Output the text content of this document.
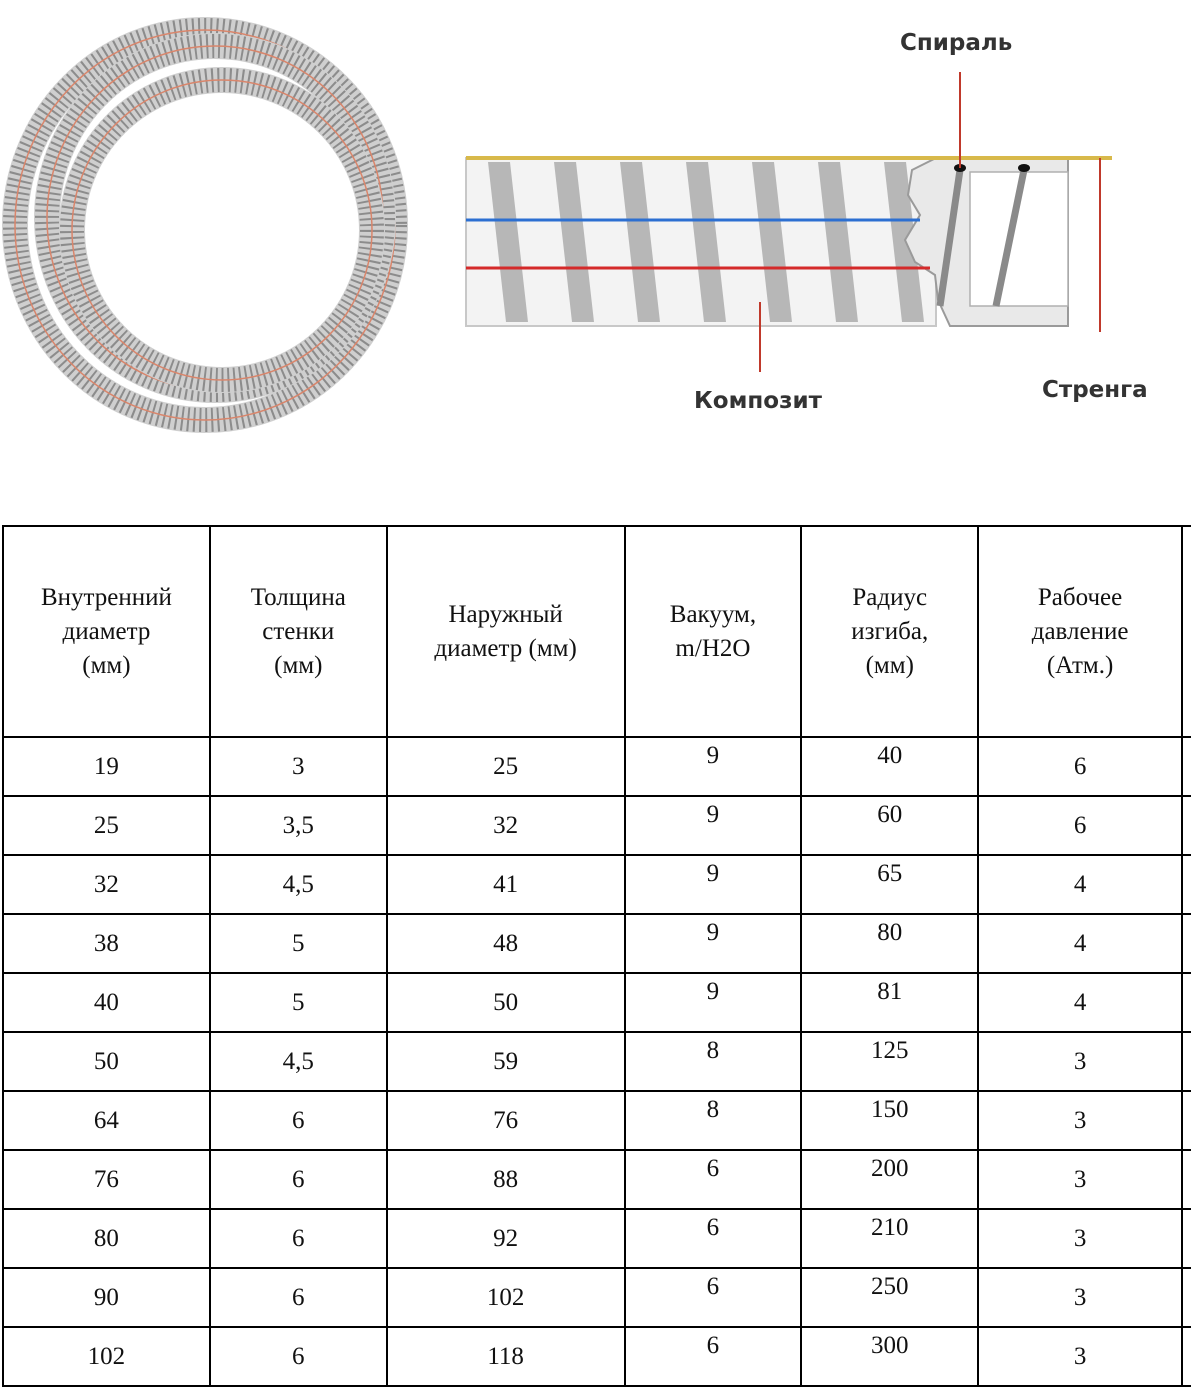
Спираль
Композит	Стренга
Внутренний
диаметр
(мм)	Толщина
стенки
(мм)	Наружный
диаметр (мм)	Вакуум,
m/H2O	Радиус
изгиба,
(мм)	Рабочее
давление
(Атм.)	

19	3	25	9	40	6	
25	3,5	32	9	60	6	
32	4,5	41	9	65	4	
38	5	48	9	80	4	
40	5	50	9	81	4	
50	4,5	59	8	125	3	
64	6	76	8	150	3	
76	6	88	6	200	3	
80	6	92	6	210	3	
90	6	102	6	250	3	
102	6	118	6	300	3	
